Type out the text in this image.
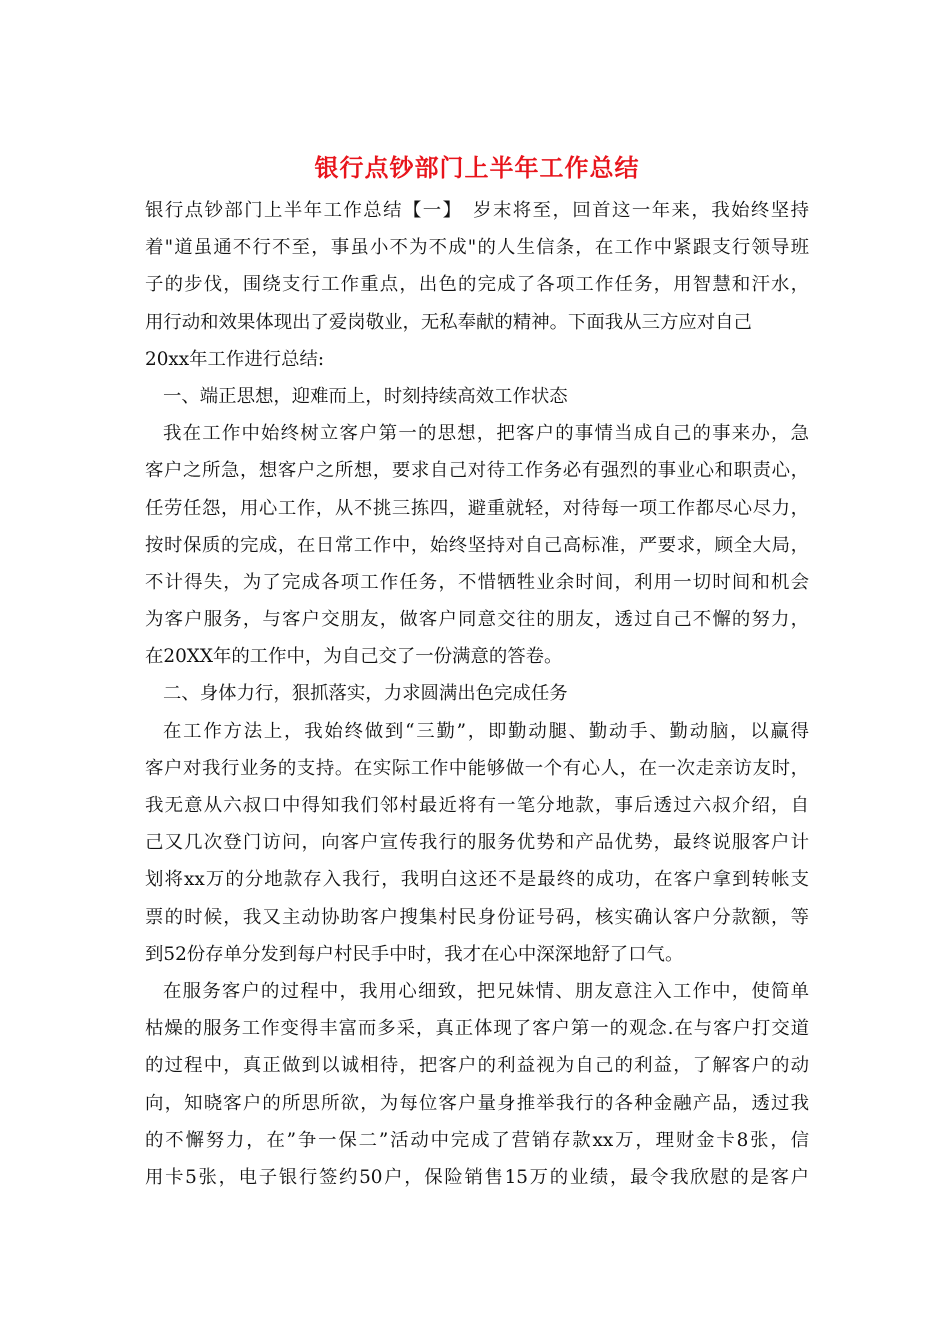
银行点钞部门上半年工作总结
银行点钞部门上半年工作总结【一】　岁末将至，回首这一年来，我始终坚持
着"道虽通不行不至，事虽小不为不成"的人生信条，在工作中紧跟支行领导班
子的步伐，围绕支行工作重点，出色的完成了各项工作任务，用智慧和汗水，
用行动和效果体现出了爱岗敬业，无私奉献的精神。下面我从三方应对自己
20xx年工作进行总结:
一、端正思想，迎难而上，时刻持续高效工作状态
我在工作中始终树立客户第一的思想，把客户的事情当成自己的事来办，急
客户之所急，想客户之所想，要求自己对待工作务必有强烈的事业心和职责心，
任劳任怨，用心工作，从不挑三拣四，避重就轻，对待每一项工作都尽心尽力，
按时保质的完成，在日常工作中，始终坚持对自己高标准，严要求，顾全大局，
不计得失，为了完成各项工作任务，不惜牺牲业余时间，利用一切时间和机会
为客户服务，与客户交朋友，做客户同意交往的朋友，透过自己不懈的努力，
在20XX年的工作中，为自己交了一份满意的答卷。
二、身体力行，狠抓落实，力求圆满出色完成任务
在工作方法上，我始终做到“三勤”，即勤动腿、勤动手、勤动脑，以赢得
客户对我行业务的支持。在实际工作中能够做一个有心人，在一次走亲访友时，
我无意从六叔口中得知我们邻村最近将有一笔分地款，事后透过六叔介绍，自
己又几次登门访问，向客户宣传我行的服务优势和产品优势，最终说服客户计
划将xx万的分地款存入我行，我明白这还不是最终的成功，在客户拿到转帐支
票的时候，我又主动协助客户搜集村民身份证号码，核实确认客户分款额，等
到52份存单分发到每户村民手中时，我才在心中深深地舒了口气。
在服务客户的过程中，我用心细致，把兄妹情、朋友意注入工作中，使简单
枯燥的服务工作变得丰富而多采，真正体现了客户第一的观念.在与客户打交道
的过程中，真正做到以诚相待，把客户的利益视为自己的利益，了解客户的动
向，知晓客户的所思所欲，为每位客户量身推举我行的各种金融产品，透过我
的不懈努力，在”争一保二”活动中完成了营销存款xx万，理财金卡8张，信
用卡5张，电子银行签约50户，保险销售15万的业绩，最令我欣慰的是客户
